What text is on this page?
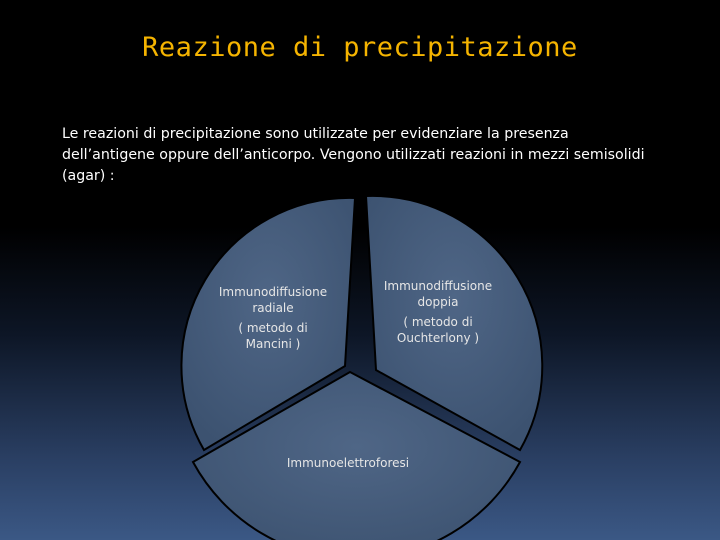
Reazione di precipitazione
Le reazioni di precipitazione sono utilizzate per evidenziare la presenza
dell’antigene oppure dell’anticorpo. Vengono utilizzati reazioni in mezzi semisolidi
(agar) :
Immunodiffusione
radiale
( metodo di
Mancini )
Immunodiffusione
doppia
( metodo di
Ouchterlony )
Immunoelettroforesi
